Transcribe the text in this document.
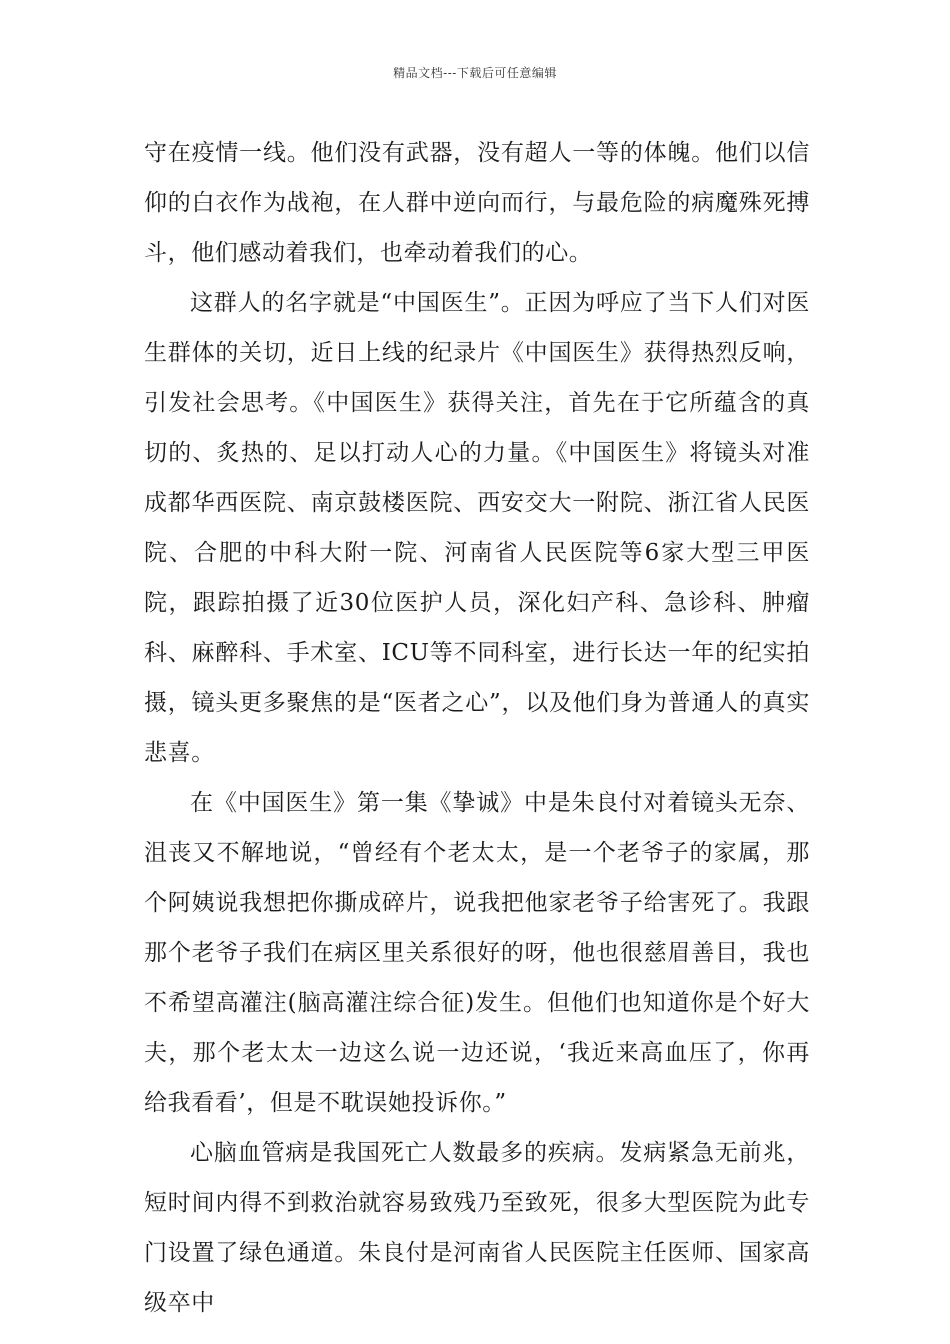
精品文档---下载后可任意编辑

守在疫情一线。他们没有武器，没有超人一等的体魄。他们以信仰的白衣作为战袍，在人群中逆向而行，与最危险的病魔殊死搏斗，他们感动着我们，也牵动着我们的心。

这群人的名字就是“中国医生”。正因为呼应了当下人们对医生群体的关切，近日上线的纪录片《中国医生》获得热烈反响，引发社会思考。《中国医生》获得关注，首先在于它所蕴含的真切的、炙热的、足以打动人心的力量。《中国医生》将镜头对准成都华西医院、南京鼓楼医院、西安交大一附院、浙江省人民医院、合肥的中科大附一院、河南省人民医院等6家大型三甲医院，跟踪拍摄了近30位医护人员，深化妇产科、急诊科、肿瘤科、麻醉科、手术室、ICU等不同科室，进行长达一年的纪实拍摄，镜头更多聚焦的是“医者之心”，以及他们身为普通人的真实悲喜。

在《中国医生》第一集《挚诚》中是朱良付对着镜头无奈、沮丧又不解地说，“曾经有个老太太，是一个老爷子的家属，那个阿姨说我想把你撕成碎片，说我把他家老爷子给害死了。我跟那个老爷子我们在病区里关系很好的呀，他也很慈眉善目，我也不希望高灌注(脑高灌注综合征)发生。但他们也知道你是个好大夫，那个老太太一边这么说一边还说，‘我近来高血压了，你再给我看看’，但是不耽误她投诉你。”

心脑血管病是我国死亡人数最多的疾病。发病紧急无前兆，短时间内得不到救治就容易致残乃至致死，很多大型医院为此专门设置了绿色通道。朱良付是河南省人民医院主任医师、国家高级卒中
